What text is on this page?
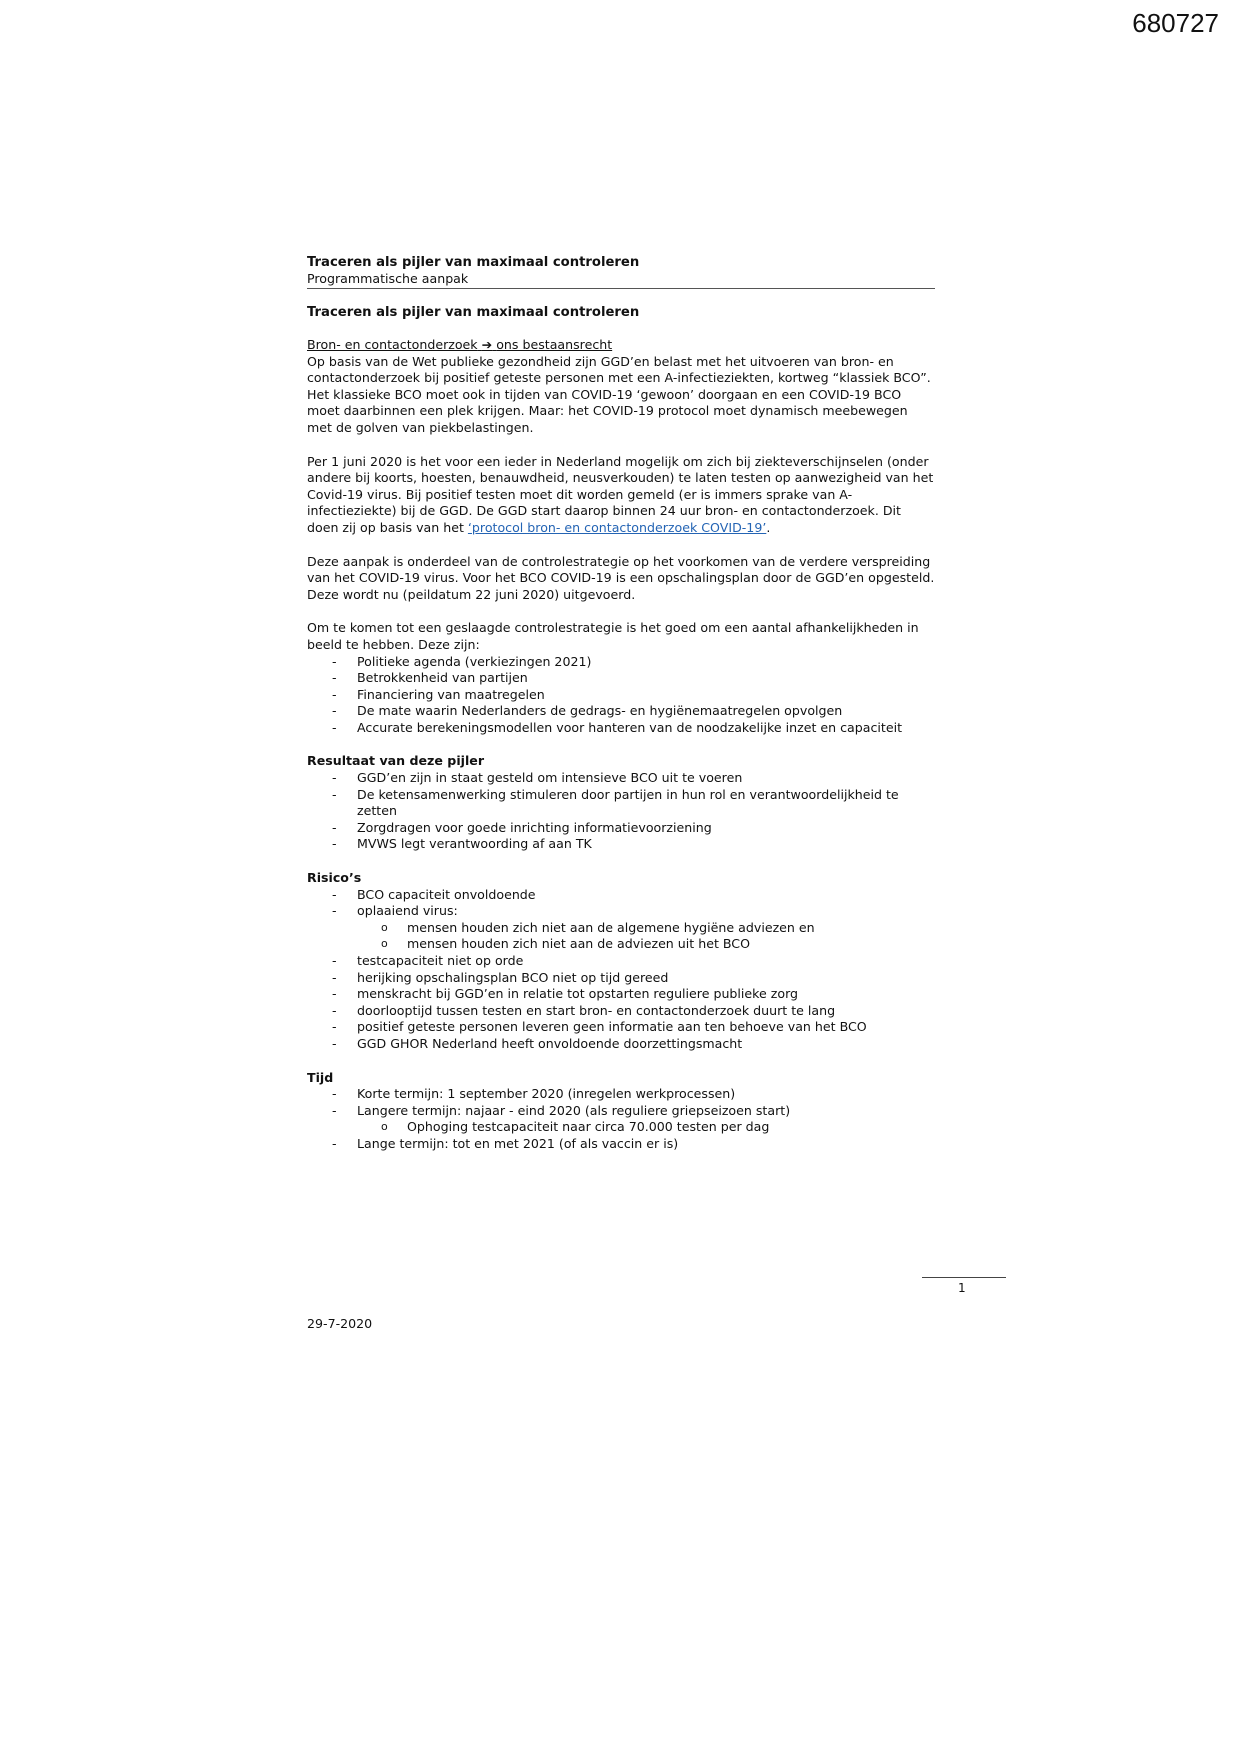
680727
Traceren als pijler van maximaal controleren
Programmatische aanpak
Traceren als pijler van maximaal controleren
Bron- en contactonderzoek ➔ ons bestaansrecht

Op basis van de Wet publieke gezondheid zijn GGD’en belast met het uitvoeren van bron- en contactonderzoek bij positief geteste personen met een A-infectieziekten, kortweg “klassiek BCO”. Het klassieke BCO moet ook in tijden van COVID-19 ‘gewoon’ doorgaan en een COVID-19 BCO moet daarbinnen een plek krijgen. Maar: het COVID-19 protocol moet dynamisch meebewegen met de golven van piekbelastingen.

Per 1 juni 2020 is het voor een ieder in Nederland mogelijk om zich bij ziekteverschijnselen (onder andere bij koorts, hoesten, benauwdheid, neusverkouden) te laten testen op aanwezigheid van het Covid-19 virus. Bij positief testen moet dit worden gemeld (er is immers sprake van A-infectieziekte) bij de GGD. De GGD start daarop binnen 24 uur bron- en contactonderzoek. Dit doen zij op basis van het ‘protocol bron- en contactonderzoek COVID-19’.

Deze aanpak is onderdeel van de controlestrategie op het voorkomen van de verdere verspreiding van het COVID-19 virus. Voor het BCO COVID-19 is een opschalingsplan door de GGD’en opgesteld. Deze wordt nu (peildatum 22 juni 2020) uitgevoerd.

Om te komen tot een geslaagde controlestrategie is het goed om een aantal afhankelijkheden in beeld te hebben. Deze zijn:

- Politieke agenda (verkiezingen 2021)
- Betrokkenheid van partijen
- Financiering van maatregelen
- De mate waarin Nederlanders de gedrags- en hygiënemaatregelen opvolgen
- Accurate berekeningsmodellen voor hanteren van de noodzakelijke inzet en capaciteit
Resultaat van deze pijler
- GGD’en zijn in staat gesteld om intensieve BCO uit te voeren
- De ketensamenwerking stimuleren door partijen in hun rol en verantwoordelijkheid te zetten
- Zorgdragen voor goede inrichting informatievoorziening
- MVWS legt verantwoording af aan TK
Risico’s
- BCO capaciteit onvoldoende
- oplaaiend virus:
o mensen houden zich niet aan de algemene hygiëne adviezen en
o mensen houden zich niet aan de adviezen uit het BCO
- testcapaciteit niet op orde
- herijking opschalingsplan BCO niet op tijd gereed
- menskracht bij GGD’en in relatie tot opstarten reguliere publieke zorg
- doorlooptijd tussen testen en start bron- en contactonderzoek duurt te lang
- positief geteste personen leveren geen informatie aan ten behoeve van het BCO
- GGD GHOR Nederland heeft onvoldoende doorzettingsmacht
Tijd
- Korte termijn: 1 september 2020 (inregelen werkprocessen)
- Langere termijn: najaar - eind 2020 (als reguliere griepseizoen start)
o Ophoging testcapaciteit naar circa 70.000 testen per dag
- Lange termijn: tot en met 2021 (of als vaccin er is)
1
29-7-2020
